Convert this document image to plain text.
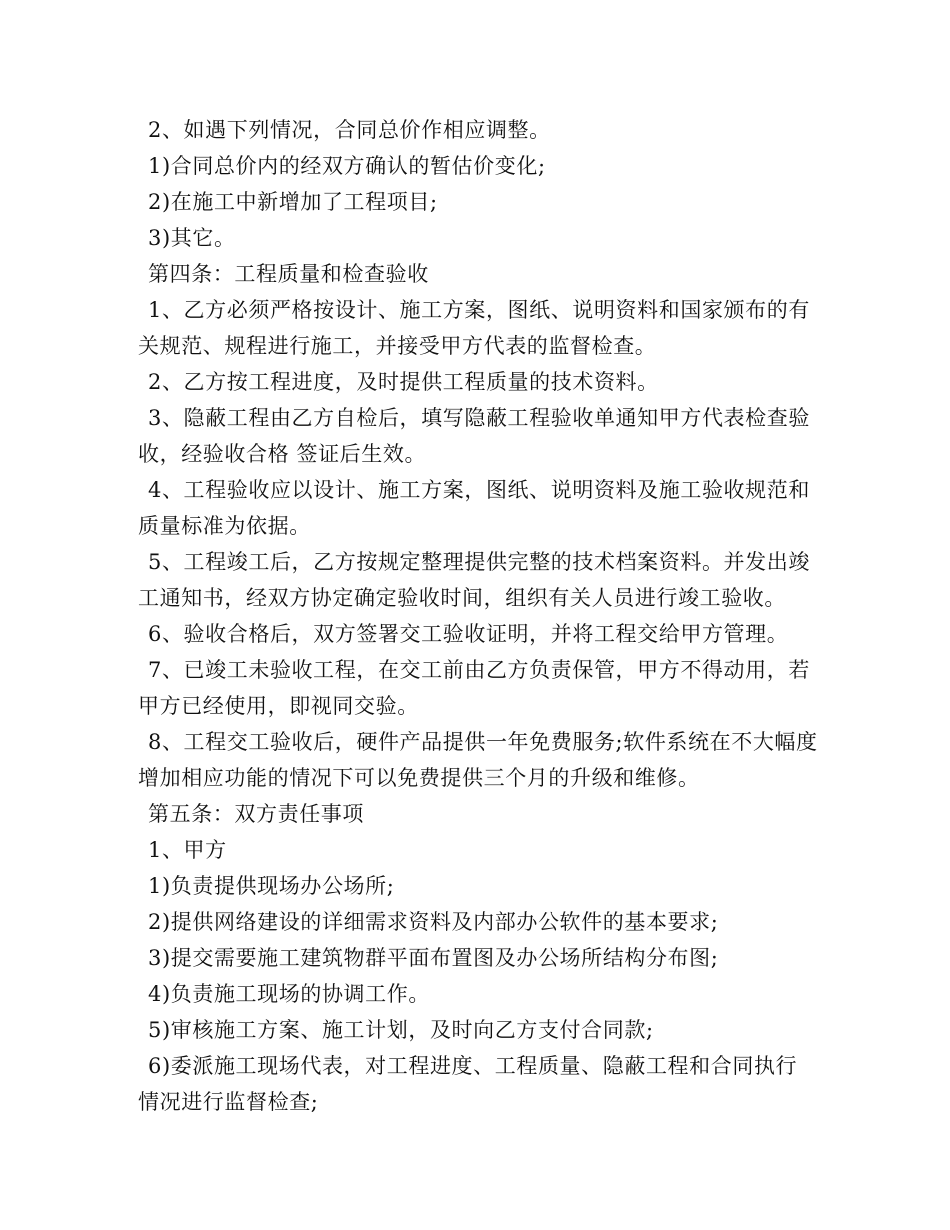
2、如遇下列情况，合同总价作相应调整。

1)合同总价内的经双方确认的暂估价变化;

2)在施工中新增加了工程项目;

3)其它。

第四条：工程质量和检查验收

1、乙方必须严格按设计、施工方案，图纸、说明资料和国家颁布的有关规范、规程进行施工，并接受甲方代表的监督检查。

2、乙方按工程进度，及时提供工程质量的技术资料。

3、隐蔽工程由乙方自检后，填写隐蔽工程验收单通知甲方代表检查验收，经验收合格 签证后生效。

4、工程验收应以设计、施工方案，图纸、说明资料及施工验收规范和质量标准为依据。

5、工程竣工后，乙方按规定整理提供完整的技术档案资料。并发出竣工通知书，经双方协定确定验收时间，组织有关人员进行竣工验收。

6、验收合格后，双方签署交工验收证明，并将工程交给甲方管理。

7、已竣工未验收工程，在交工前由乙方负责保管，甲方不得动用，若甲方已经使用，即视同交验。

8、工程交工验收后，硬件产品提供一年免费服务;软件系统在不大幅度增加相应功能的情况下可以免费提供三个月的升级和维修。

第五条：双方责任事项

1、甲方

1)负责提供现场办公场所;

2)提供网络建设的详细需求资料及内部办公软件的基本要求;

3)提交需要施工建筑物群平面布置图及办公场所结构分布图;

4)负责施工现场的协调工作。

5)审核施工方案、施工计划，及时向乙方支付合同款;

6)委派施工现场代表，对工程进度、工程质量、隐蔽工程和合同执行情况进行监督检查;
